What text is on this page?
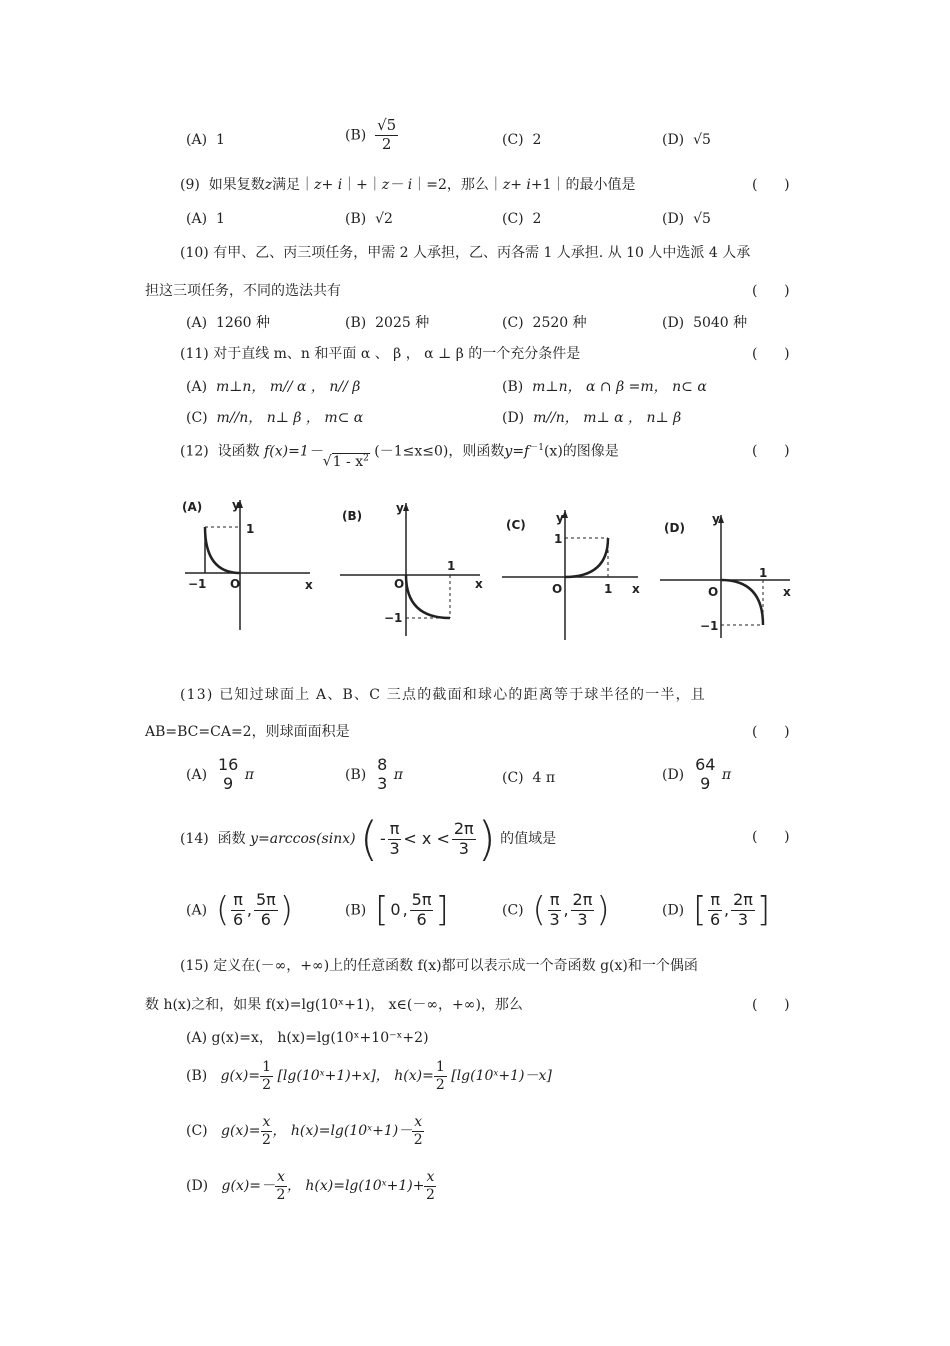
(A) 1	$(B) \frac{√5}{2}$	(C) 2	(D) √5
(9) 如果复数z满足｜z+ i｜+｜z－ i｜=2，那么｜z+ i+1｜的最小值是	(      )
(A) 1	(B) √2	(C) 2	(D) √5
(10) 有甲、乙、丙三项任务，甲需 2 人承担，乙、丙各需 1 人承担. 从 10 人中选派 4 人承
担这三项任务，不同的选法共有	(      )
(A) 1260 种	(B) 2025 种	(C) 2520 种	(D) 5040 种
(11) 对于直线 m、n 和平面 α 、 β ， α ⊥ β 的一个充分条件是	(      )
(A) m⊥n， m// α ， n// β	(B) m⊥n， α ∩ β =m， n⊂ α
(C) m//n， n⊥ β ， m⊂ α	(D) m//n， m⊥ α ， n⊥ β
(12) 设函数 $f(x)=1-√1 - x^2$ (－1≤x≤0)，则函数$y=f^{-1}(x)$的图像是	(      )
(A) y
x
O
1
−1
(B)
y
x
O
1
−1
(C)	y
x
O
1
1
(D)
y
x
O
1
−1
(13) 已知过球面上 A、B、C 三点的截面和球心的距离等于球半径的一半，且
AB=BC=CA=2，则球面面积是	(      )
(A)
16
9 π	(B)
8
3 π	(C) 4 π	(D)
64
9 π
(14) 函数 y=arccos(sinx) ( - $\frac{\pi}{3} < x < \frac{2\pi}{3}$ ) 的值域是	(      )
(A) ( $\frac{\pi}{6}$ , $\frac{5\pi}{6}$ )	(B) [ 0 , $\frac{5\pi}{6}$ ]	(C) ( $\frac{\pi}{3}$ , $\frac{2\pi}{3}$ )	(D) [ $\frac{\pi}{6}$ , $\frac{2\pi}{3}$ ]
(15) 定义在(－∞，+∞)上的任意函数 f(x)都可以表示成一个奇函数 g(x)和一个偶函
数 h(x)之和，如果 f(x)=lg(10ˣ+1)， x∈(－∞，+∞)，那么	(      )
(A) g(x)=x， h(x)=lg(10ˣ+10⁻ˣ+2)
(B) $g(x)= \frac{1}{2}$ [lg(10ˣ+1)+x]， $h(x)= \frac{1}{2}$ [lg(10ˣ+1)－x]
(C) $g(x)= \frac{x}{2}$ ， h(x)=lg(10ˣ+1)－ $\frac{x}{2}$
(D) $g(x)=- \frac{x}{2}$ ， h(x)=lg(10ˣ+1)+ $\frac{x}{2}$
